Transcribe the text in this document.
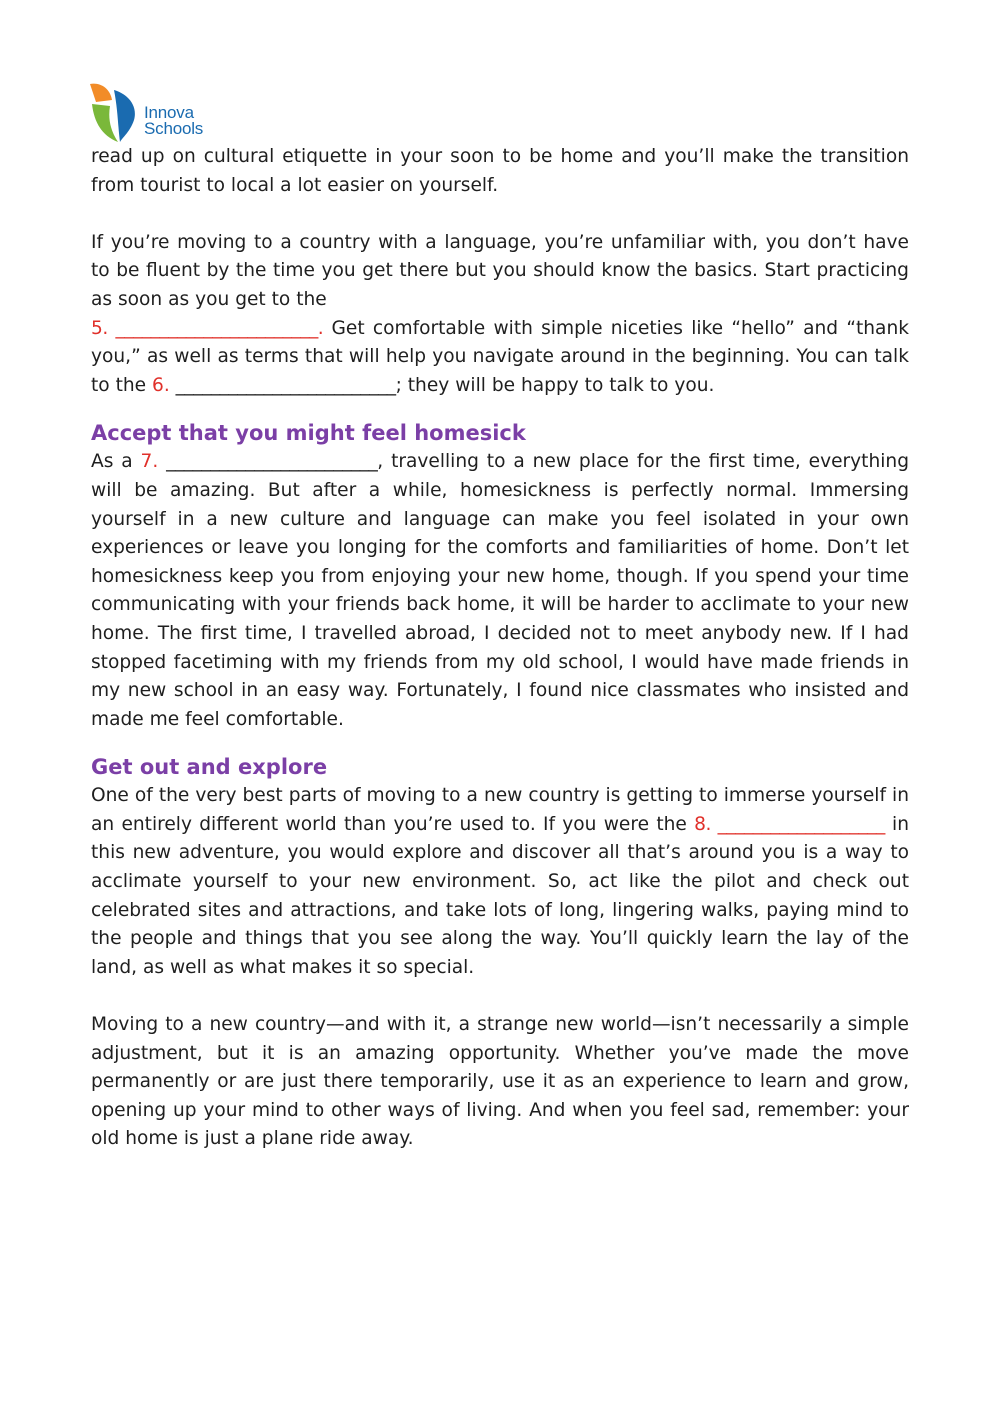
Innova
Schools

read up on cultural etiquette in your soon to be home and you’ll make the transition from tourist to local a lot easier on yourself.

If you’re moving to a country with a language, you’re unfamiliar with, you don’t have to be fluent by the time you get there but you should know the basics. Start practicing as soon as you get to the
5. _______________________. Get comfortable with simple niceties like “hello” and “thank you,” as well as terms that will help you navigate around in the beginning. You can talk to the 6. _________________________; they will be happy to talk to you.

Accept that you might feel homesick

As a 7. ________________________, travelling to a new place for the first time, everything will be amazing. But after a while, homesickness is perfectly normal. Immersing yourself in a new culture and language can make you feel isolated in your own experiences or leave you longing for the comforts and familiarities of home. Don’t let homesickness keep you from enjoying your new home, though. If you spend your time communicating with your friends back home, it will be harder to acclimate to your new home. The first time, I travelled abroad, I decided not to meet anybody new. If I had stopped facetiming with my friends from my old school, I would have made friends in my new school in an easy way. Fortunately, I found nice classmates who insisted and made me feel comfortable.

Get out and explore

One of the very best parts of moving to a new country is getting to immerse yourself in an entirely different world than you’re used to. If you were the 8. ___________________ in this new adventure, you would explore and discover all that’s around you is a way to acclimate yourself to your new environment. So, act like the pilot and check out celebrated sites and attractions, and take lots of long, lingering walks, paying mind to the people and things that you see along the way. You’ll quickly learn the lay of the land, as well as what makes it so special.

Moving to a new country—and with it, a strange new world—isn’t necessarily a simple adjustment, but it is an amazing opportunity. Whether you’ve made the move permanently or are just there temporarily, use it as an experience to learn and grow, opening up your mind to other ways of living. And when you feel sad, remember: your old home is just a plane ride away.
